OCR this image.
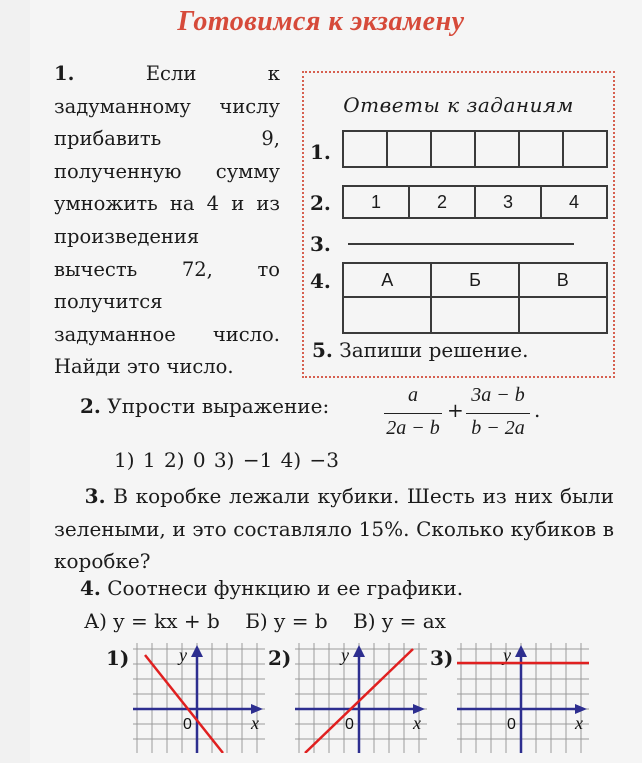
Готовимся к экзамену
1.	Если к задуманному числу прибавить 9, полученную сумму умножить на 4 и из произведения вычесть 72, то получится задуманное число. Найди это число.
Ответы к заданиям
1.

2. 1	2	3	4
3.
4.	А	Б	В

5. Запиши решение.
2. Упрости выражение:	a
2a − b
+
3a − b
b − 2a
.
1) 1 2) 0 3) −1 4) −3
3. В коробке лежали кубики. Шесть из них были зелеными, и это составляло 15%. Сколько кубиков в коробке?
4. Соотнеси функцию и ее графики.
А) y = kx + b Б) y = b В) y = ax
1)	y
x
0
2)	y
x
0
3)	y
x
0
